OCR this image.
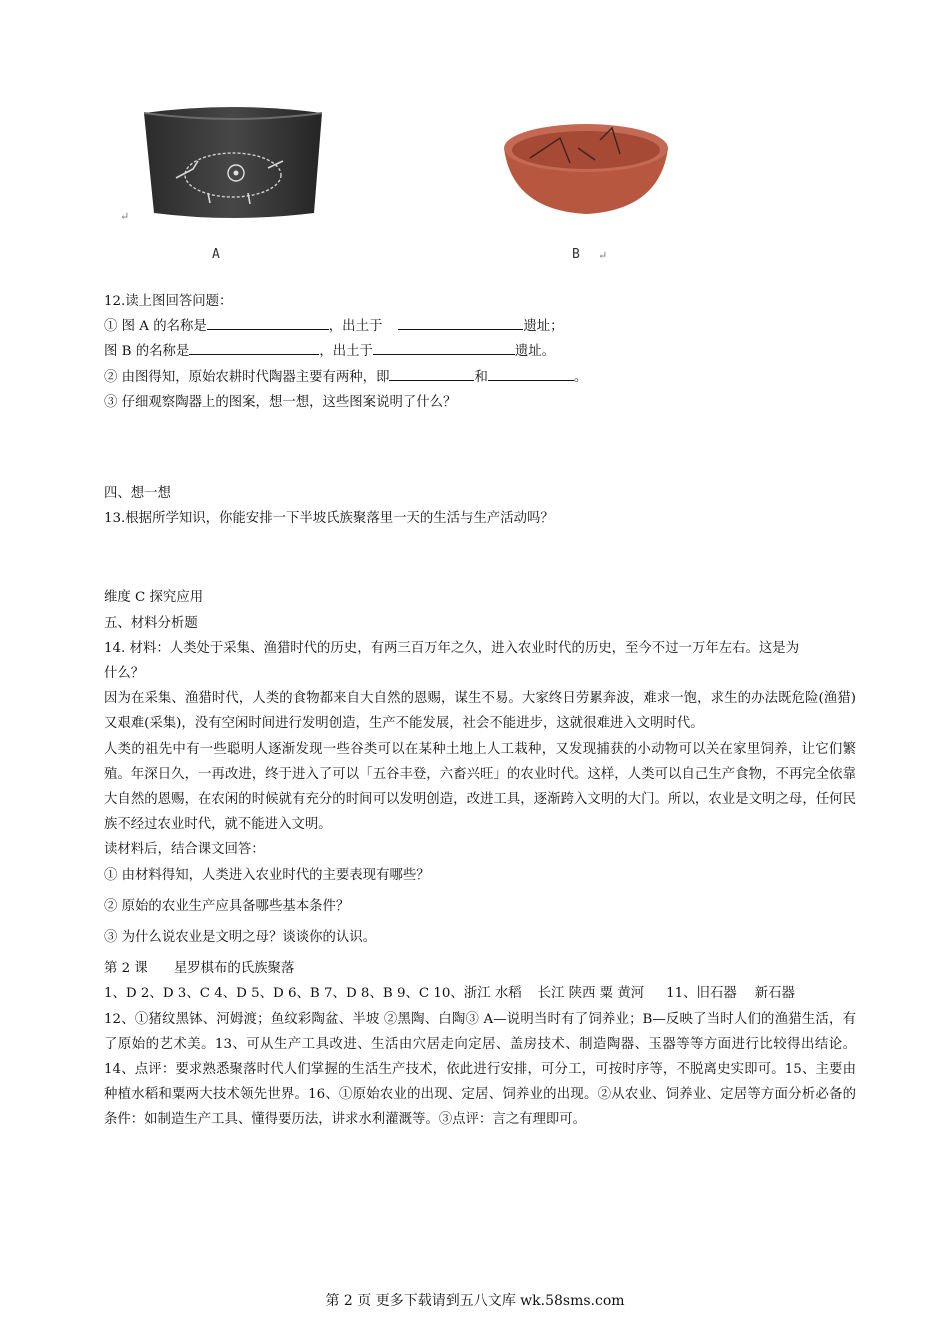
↵
A	B ↵
12.读上图回答问题：
① 图 A 的名称是	，出土于	遗址；
图 B 的名称是	，出土于	遗址。
② 由图得知，原始农耕时代陶器主要有两种，即	和	。
③ 仔细观察陶器上的图案，想一想，这些图案说明了什么？
四、想一想
13.根据所学知识，你能安排一下半坡氏族聚落里一天的生活与生产活动吗？
维度 C 探究应用
五、材料分析题
14. 材料：人类处于采集、渔猎时代的历史，有两三百万年之久，进入农业时代的历史，至今不过一万年左右。这是为
什么？
因为在采集、渔猎时代，人类的食物都来自大自然的恩赐，谋生不易。大家终日劳累奔波，难求一饱，求生的办法既危险(渔猎)又艰难(采集)，没有空闲时间进行发明创造，生产不能发展，社会不能进步，这就很难进入文明时代。
人类的祖先中有一些聪明人逐渐发现一些谷类可以在某种土地上人工栽种，又发现捕获的小动物可以关在家里饲养，让它们繁殖。年深日久，一再改进，终于进入了可以「五谷丰登，六畜兴旺」的农业时代。这样，人类可以自己生产食物，不再完全依靠大自然的恩赐，在农闲的时候就有充分的时间可以发明创造，改进工具，逐渐跨入文明的大门。所以，农业是文明之母，任何民族不经过农业时代，就不能进入文明。
读材料后，结合课文回答：
① 由材料得知，人类进入农业时代的主要表现有哪些？
② 原始的农业生产应具备哪些基本条件？
③ 为什么说农业是文明之母？谈谈你的认识。
第 2 课 星罗棋布的氏族聚落
1、D 2、D 3、C 4、D 5、D 6、B 7、D 8、B 9、C 10、浙江 水稻 长江 陕西 粟 黄河 11、旧石器 新石器
12、①猪纹黑钵、河姆渡；鱼纹彩陶盆、半坡 ②黑陶、白陶③ A—说明当时有了饲养业；B—反映了当时人们的渔猎生活，有了原始的艺术美。13、可从生产工具改进、生活由穴居走向定居、盖房技术、制造陶器、玉器等等方面进行比较得出结论。14、点评：要求熟悉聚落时代人们掌握的生活生产技术，依此进行安排，可分工，可按时序等，不脱离史实即可。15、主要由种植水稻和粟两大技术领先世界。16、①原始农业的出现、定居、饲养业的出现。②从农业、饲养业、定居等方面分析必备的条件：如制造生产工具、懂得要历法，讲求水利灌溉等。③点评：言之有理即可。
第 2 页 更多下载请到五八文库 wk.58sms.com
